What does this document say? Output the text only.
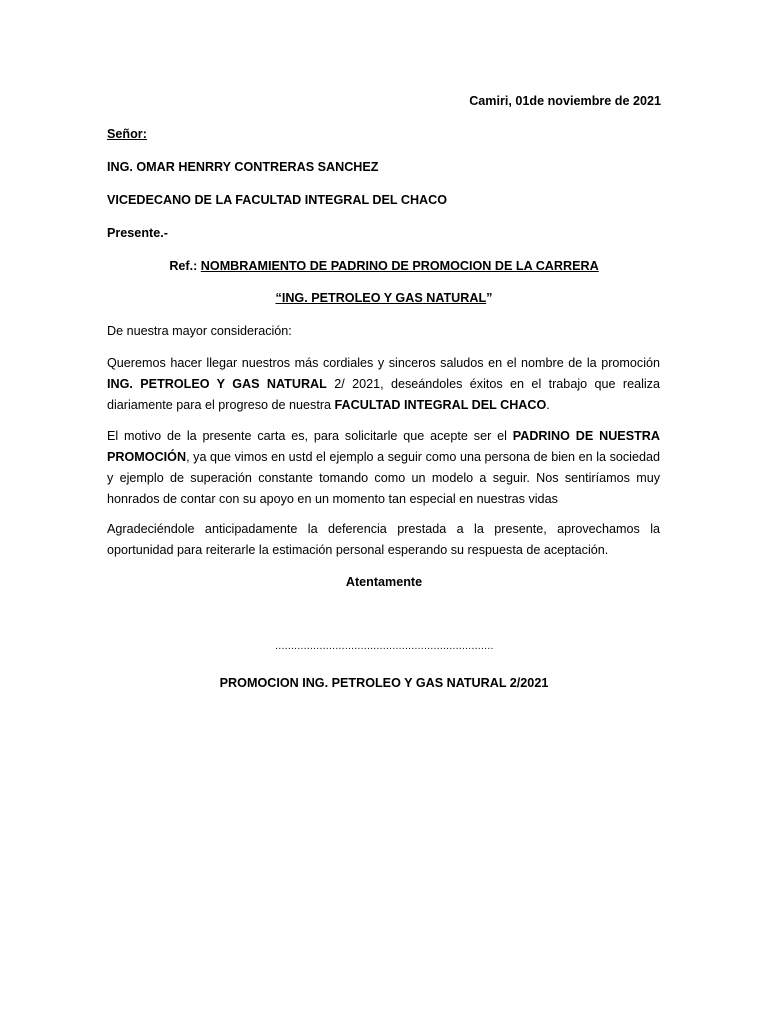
Camiri, 01de noviembre de 2021
Señor:
ING. OMAR HENRRY CONTRERAS SANCHEZ
VICEDECANO DE LA FACULTAD INTEGRAL DEL CHACO
Presente.-
Ref.: NOMBRAMIENTO DE PADRINO DE PROMOCION DE LA CARRERA
“ING. PETROLEO Y GAS NATURAL”
De nuestra mayor consideración:
Queremos hacer llegar nuestros más cordiales y sinceros saludos en el nombre de la promoción ING. PETROLEO Y GAS NATURAL 2/ 2021, deseándoles éxitos en el trabajo que realiza diariamente para el progreso de nuestra FACULTAD INTEGRAL DEL CHACO.
El motivo de la presente carta es, para solicitarle que acepte ser el PADRINO DE NUESTRA PROMOCIÓN, ya que vimos en ustd el ejemplo a seguir como una persona de bien en la sociedad y ejemplo de superación constante tomando como un modelo a seguir. Nos sentiríamos muy honrados de contar con su apoyo en un momento tan especial en nuestras vidas
Agradeciéndole anticipadamente la deferencia prestada a la presente, aprovechamos la oportunidad para reiterarle la estimación personal esperando su respuesta de aceptación.
Atentamente
……………………………………………………………
PROMOCION ING. PETROLEO Y GAS NATURAL 2/2021
